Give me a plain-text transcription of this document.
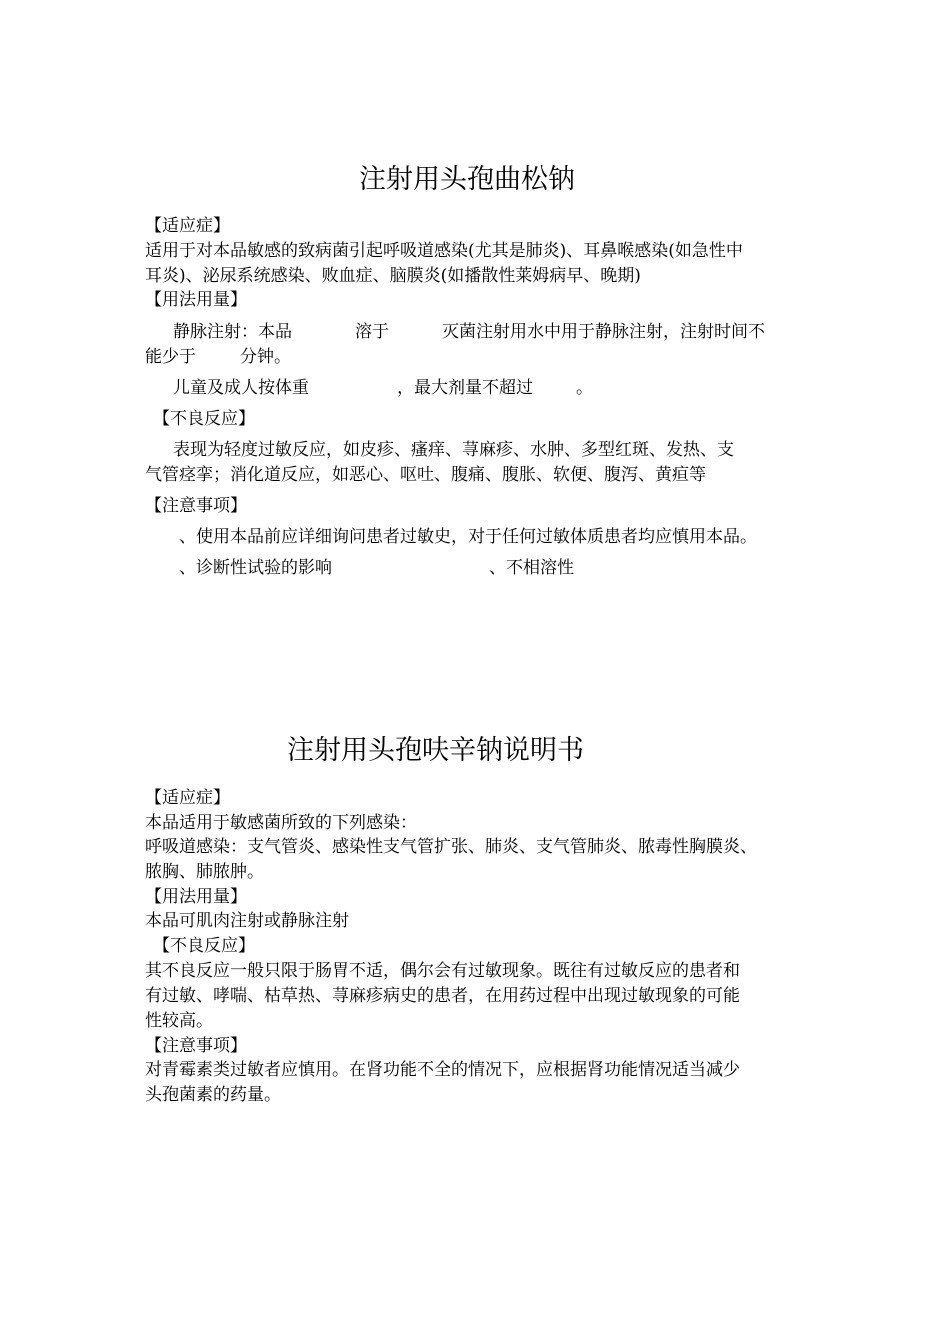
注射用头孢曲松钠
【适应症】
适用于对本品敏感的致病菌引起呼吸道感染(尤其是肺炎)、耳鼻喉感染(如急性中
耳炎)、泌尿系统感染、败血症、脑膜炎(如播散性莱姆病早、晚期)
【用法用量】
静脉注射：本品	溶于	灭菌注射用水中用于静脉注射，注射时间不
能少于	分钟。
儿童及成人按体重	，最大剂量不超过	。
【不良反应】
表现为轻度过敏反应，如皮疹、瘙痒、荨麻疹、水肿、多型红斑、发热、支
气管痉挛；消化道反应，如恶心、呕吐、腹痛、腹胀、软便、腹泻、黄疸等
【注意事项】
、使用本品前应详细询问患者过敏史，对于任何过敏体质患者均应慎用本品。
、诊断性试验的影响	、不相溶性
注射用头孢呋辛钠说明书
【适应症】
本品适用于敏感菌所致的下列感染：
呼吸道感染：支气管炎、感染性支气管扩张、肺炎、支气管肺炎、脓毒性胸膜炎、
脓胸、肺脓肿。
【用法用量】
本品可肌肉注射或静脉注射
【不良反应】
其不良反应一般只限于肠胃不适，偶尔会有过敏现象。既往有过敏反应的患者和
有过敏、哮喘、枯草热、荨麻疹病史的患者，在用药过程中出现过敏现象的可能
性较高。
【注意事项】
对青霉素类过敏者应慎用。在肾功能不全的情况下，应根据肾功能情况适当减少
头孢菌素的药量。
